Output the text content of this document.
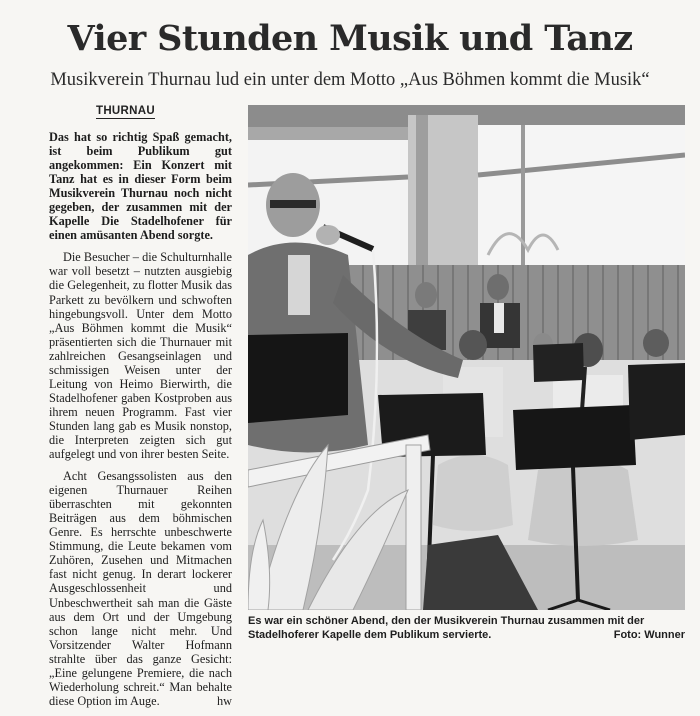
Vier Stunden Musik und Tanz

Musikverein Thurnau lud ein unter dem Motto „Aus Böhmen kommt die Musik“

THURNAU

Das hat so richtig Spaß gemacht, ist beim Publikum gut angekommen: Ein Konzert mit Tanz hat es in dieser Form beim Musikverein Thurnau noch nicht gegeben, der zusammen mit der Kapelle Die Stadelhofener für einen amüsanten Abend sorgte.

Die Besucher – die Schulturnhalle war voll besetzt – nutzten ausgiebig die Gelegenheit, zu flotter Musik das Parkett zu bevölkern und schwoften hingebungsvoll. Unter dem Motto „Aus Böhmen kommt die Musik“ präsentierten sich die Thurnauer mit zahlreichen Gesangseinlagen und schmissigen Weisen unter der Leitung von Heimo Bierwirth, die Stadelhofener gaben Kostproben aus ihrem neuen Programm. Fast vier Stunden lang gab es Musik nonstop, die Interpreten zeigten sich gut aufgelegt und von ihrer besten Seite.

Acht Gesangssolisten aus den eigenen Thurnauer Reihen überraschten mit gekonnten Beiträgen aus dem böhmischen Genre. Es herrschte unbeschwerte Stimmung, die Leute bekamen vom Zuhören, Zusehen und Mitmachen fast nicht genug. In derart lockerer Ausgeschlossenheit und Unbeschwertheit sah man die Gäste aus dem Ort und der Umgebung schon lange nicht mehr. Und Vorsitzender Walter Hofmann strahlte über das ganze Gesicht: „Eine gelungene Premiere, die nach Wiederholung schreit.“ Man behalte diese Option im Auge.	hw

Es war ein schöner Abend, den der Musikverein Thurnau zusammen mit der Stadelhoferer Kapelle dem Publikum servierte.	Foto: Wunner
